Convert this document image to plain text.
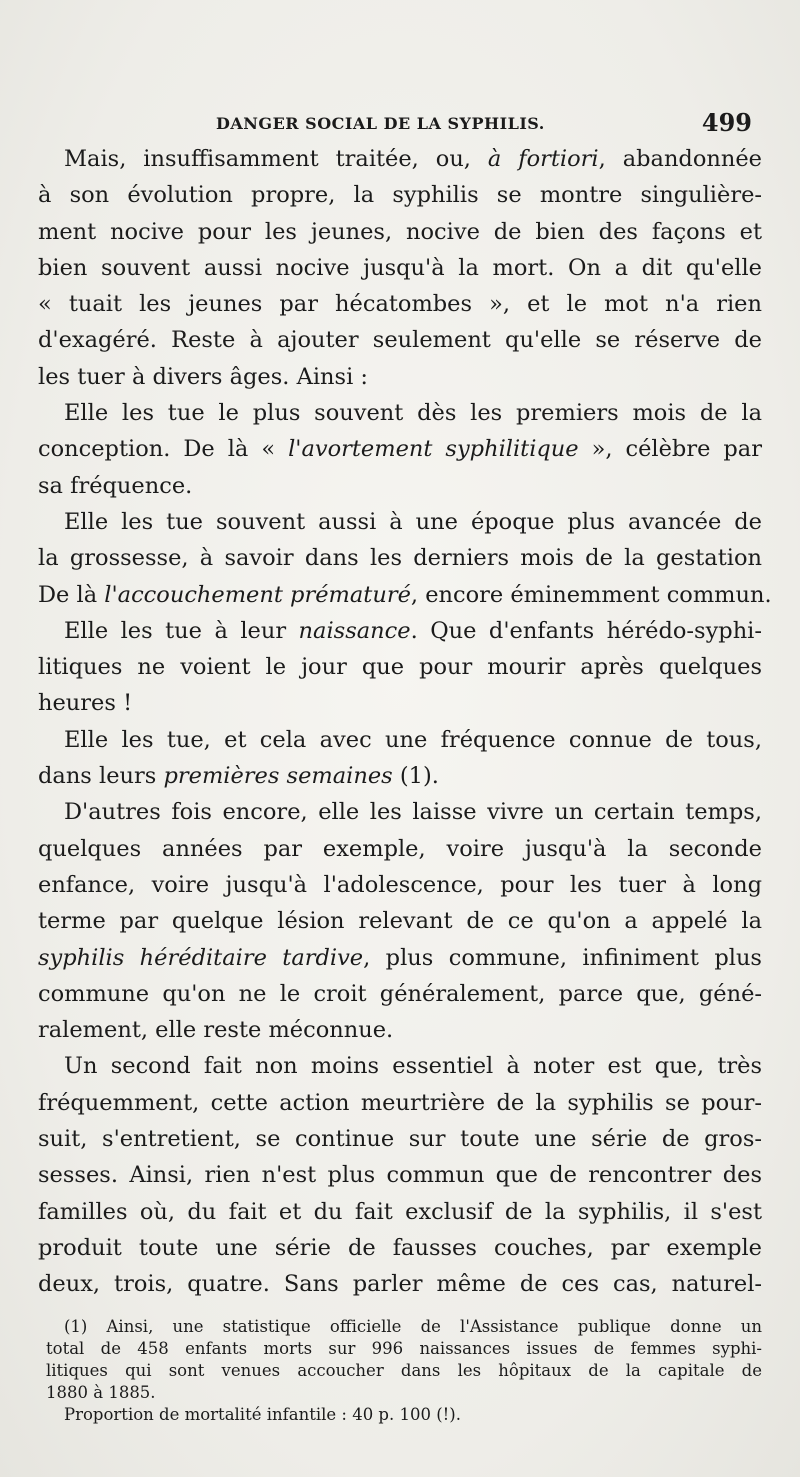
DANGER SOCIAL DE LA SYPHILIS.	499
Mais, insuffisamment traitée, ou, à fortiori, abandonnée
à son évolution propre, la syphilis se montre singulière-
ment nocive pour les jeunes, nocive de bien des façons et
bien souvent aussi nocive jusqu'à la mort. On a dit qu'elle
« tuait les jeunes par hécatombes », et le mot n'a rien
d'exagéré. Reste à ajouter seulement qu'elle se réserve de
les tuer à divers âges. Ainsi :
Elle les tue le plus souvent dès les premiers mois de la
conception. De là « l'avortement syphilitique », célèbre par
sa fréquence.
Elle les tue souvent aussi à une époque plus avancée de
la grossesse, à savoir dans les derniers mois de la gestation
De là l'accouchement prématuré, encore éminemment commun.
Elle les tue à leur naissance. Que d'enfants hérédo-syphi-
litiques ne voient le jour que pour mourir après quelques
heures !
Elle les tue, et cela avec une fréquence connue de tous,
dans leurs premières semaines (1).
D'autres fois encore, elle les laisse vivre un certain temps,
quelques années par exemple, voire jusqu'à la seconde
enfance, voire jusqu'à l'adolescence, pour les tuer à long
terme par quelque lésion relevant de ce qu'on a appelé la
syphilis héréditaire tardive, plus commune, infiniment plus
commune qu'on ne le croit généralement, parce que, géné-
ralement, elle reste méconnue.
Un second fait non moins essentiel à noter est que, très
fréquemment, cette action meurtrière de la syphilis se pour-
suit, s'entretient, se continue sur toute une série de gros-
sesses. Ainsi, rien n'est plus commun que de rencontrer des
familles où, du fait et du fait exclusif de la syphilis, il s'est
produit toute une série de fausses couches, par exemple
deux, trois, quatre. Sans parler même de ces cas, naturel-
(1) Ainsi, une statistique officielle de l'Assistance publique donne un
total de 458 enfants morts sur 996 naissances issues de femmes syphi-
litiques qui sont venues accoucher dans les hôpitaux de la capitale de
1880 à 1885.
Proportion de mortalité infantile : 40 p. 100 (!).
